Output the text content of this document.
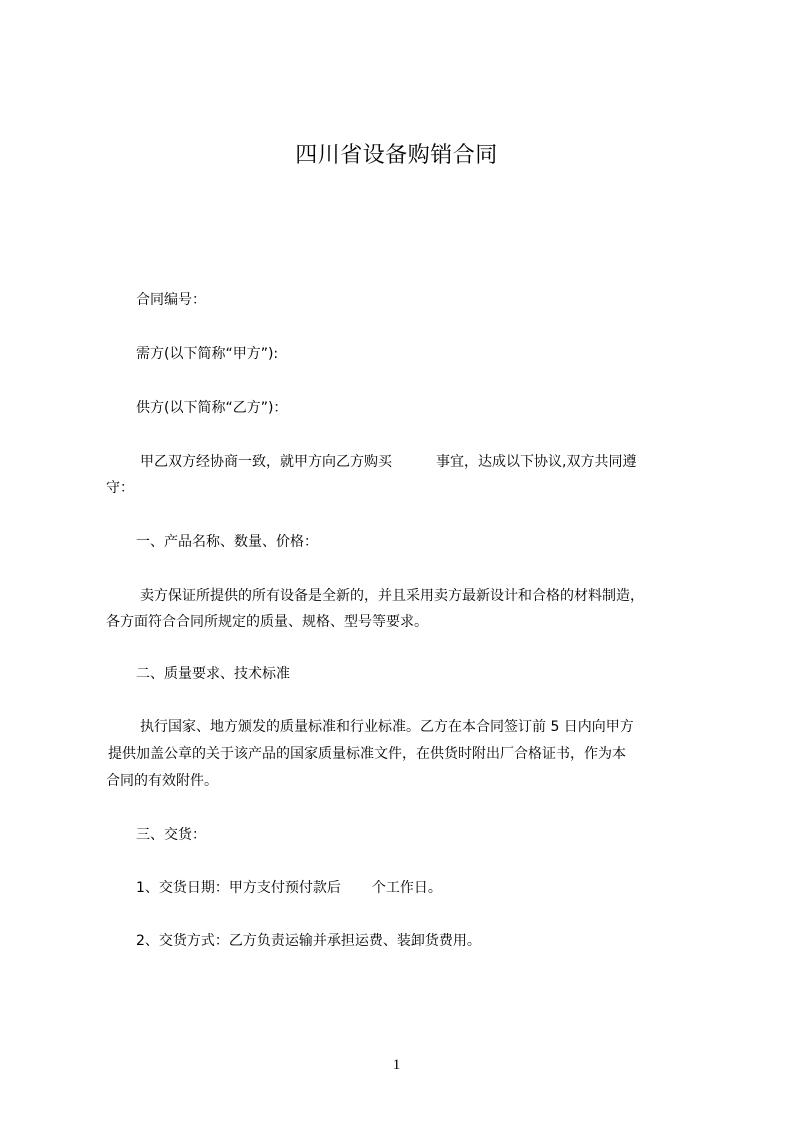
四川省设备购销合同
合同编号：
需方(以下简称“甲方”):
供方(以下简称“乙方”)：
甲乙双方经协商一致，就甲方向乙方购买	事宜，达成以下协议,双方共同遵
守：
一、产品名称、数量、价格：
卖方保证所提供的所有设备是全新的，并且采用卖方最新设计和合格的材料制造，
各方面符合合同所规定的质量、规格、型号等要求。
二、质量要求、技术标准
执行国家、地方颁发的质量标准和行业标准。乙方在本合同签订前 5 日内向甲方
提供加盖公章的关于该产品的国家质量标准文件，在供货时附出厂合格证书，作为本
合同的有效附件。
三、交货：
1、交货日期：甲方支付预付款后 个工作日。
2、交货方式：乙方负责运输并承担运费、装卸货费用。
1
